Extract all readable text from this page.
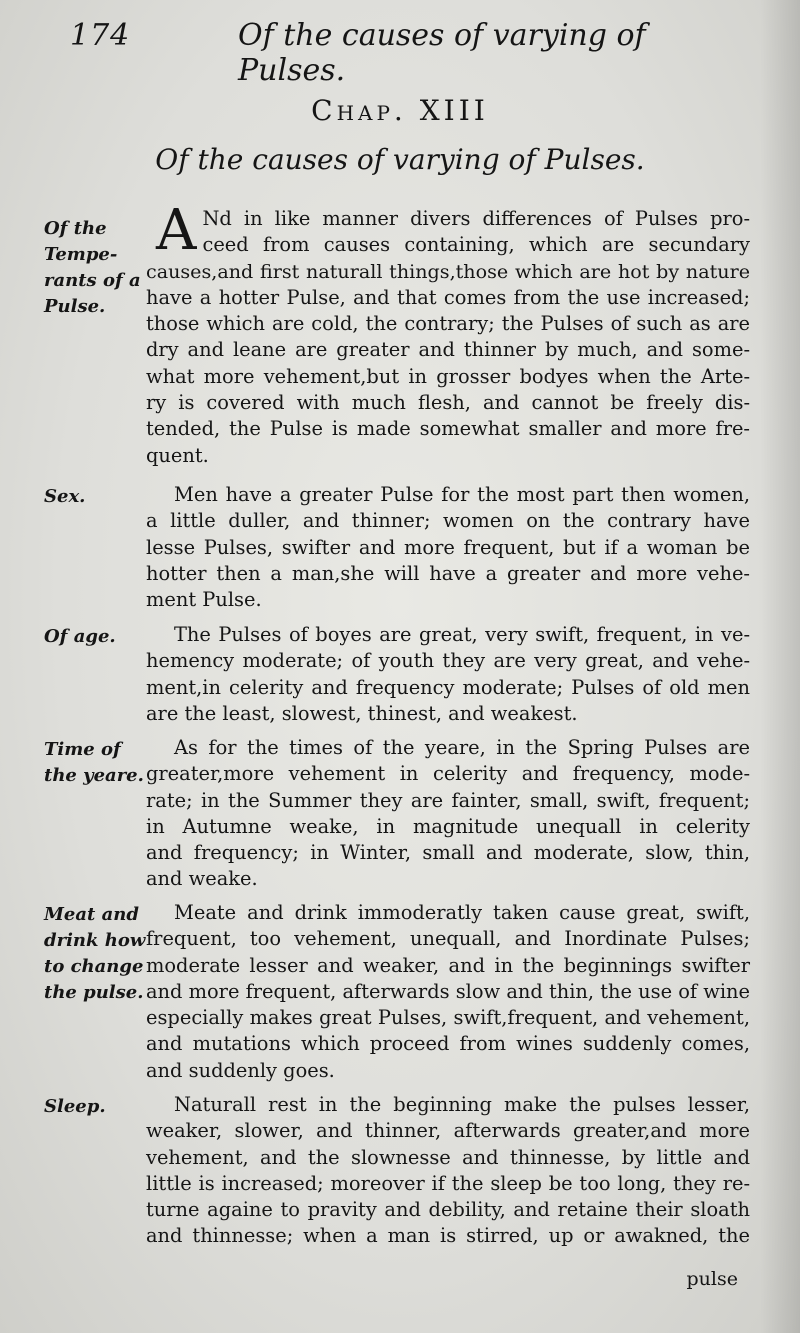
174	Of the causes of varying of Pulses.
Chap. XIII
Of the causes of varying of Pulses.
Of the
Tempe-
rants of a
Pulse.
A Nd in like manner divers differences of Pulses pro-
ceed from causes containing, which are secundary
causes,and first naturall things,those which are hot by nature
have a hotter Pulse, and that comes from the use increased;
those which are cold, the contrary; the Pulses of such as are
dry and leane are greater and thinner by much, and some-
what more vehement,but in grosser bodyes when the Arte-
ry is covered with much flesh, and cannot be freely dis-
tended, the Pulse is made somewhat smaller and more fre-
quent.
Sex.	Men have a greater Pulse for the most part then women,
a little duller, and thinner; women on the contrary have
lesse Pulses, swifter and more frequent, but if a woman be
hotter then a man,she will have a greater and more vehe-
ment Pulse.
Of age.	The Pulses of boyes are great, very swift, frequent, in ve-
hemency moderate; of youth they are very great, and vehe-
ment,in celerity and frequency moderate; Pulses of old men
are the least, slowest, thinest, and weakest.
Time of
the yeare.
As for the times of the yeare, in the Spring Pulses are
greater,more vehement in celerity and frequency, mode-
rate; in the Summer they are fainter, small, swift, frequent;
in Autumne weake, in magnitude unequall in celerity
and frequency; in Winter, small and moderate, slow, thin,
and weake.
Meat and
drink how
to change
the pulse.
Meate and drink immoderatly taken cause great, swift,
frequent, too vehement, unequall, and Inordinate Pulses;
moderate lesser and weaker, and in the beginnings swifter
and more frequent, afterwards slow and thin, the use of wine
especially makes great Pulses, swift,frequent, and vehement,
and mutations which proceed from wines suddenly comes,
and suddenly goes.
Sleep.	Naturall rest in the beginning make the pulses lesser,
weaker, slower, and thinner, afterwards greater,and more
vehement, and the slownesse and thinnesse, by little and
little is increased; moreover if the sleep be too long, they re-
turne againe to pravity and debility, and retaine their sloath
and thinnesse; when a man is stirred, up or awakned, the
pulse
